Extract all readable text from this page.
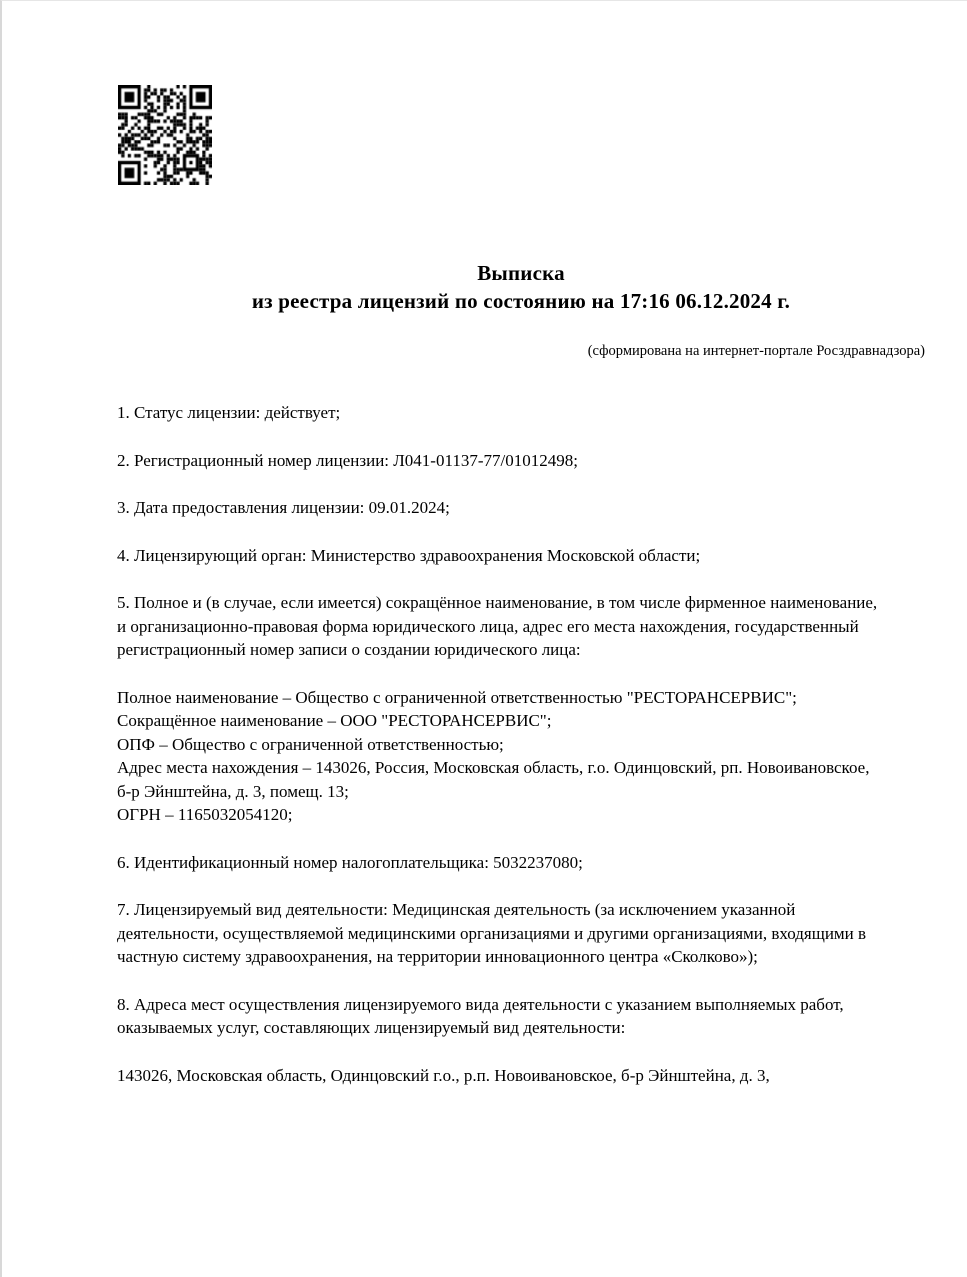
Выписка
из реестра лицензий по состоянию на 17:16 06.12.2024 г.
(сформирована на интернет-портале Росздравнадзора)

1. Статус лицензии: действует;

2. Регистрационный номер лицензии: Л041-01137-77/01012498;

3. Дата предоставления лицензии: 09.01.2024;

4. Лицензирующий орган: Министерство здравоохранения Московской области;

5. Полное и (в случае, если имеется) сокращённое наименование, в том числе фирменное наименование, и организационно-правовая форма юридического лица, адрес его места нахождения, государственный регистрационный номер записи о создании юридического лица:

Полное наименование – Общество с ограниченной ответственностью "РЕСТОРАНСЕРВИС";
Сокращённое наименование – ООО "РЕСТОРАНСЕРВИС";
ОПФ – Общество с ограниченной ответственностью;
Адрес места нахождения – 143026, Россия, Московская область, г.о. Одинцовский, рп. Новоивановское, б-р Эйнштейна, д. 3, помещ. 13;
ОГРН – 1165032054120;

6. Идентификационный номер налогоплательщика: 5032237080;

7. Лицензируемый вид деятельности: Медицинская деятельность (за исключением указанной деятельности, осуществляемой медицинскими организациями и другими организациями, входящими в частную систему здравоохранения, на территории инновационного центра «Сколково»);

8. Адреса мест осуществления лицензируемого вида деятельности с указанием выполняемых работ, оказываемых услуг, составляющих лицензируемый вид деятельности:

143026, Московская область, Одинцовский г.о., р.п. Новоивановское, б-р Эйнштейна, д. 3,
